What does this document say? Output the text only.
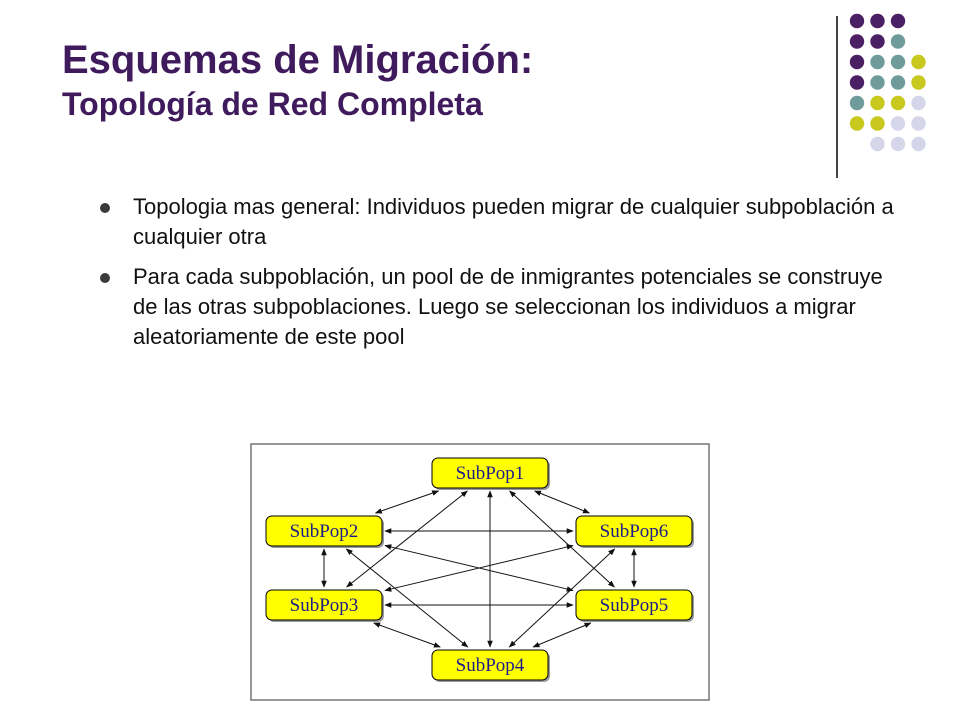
Esquemas de Migración:

Topología de Red Completa

Topologia mas general: Individuos pueden migrar de cualquier subpoblación a cualquier otra
Para cada subpoblación, un pool de de inmigrantes potenciales se construye de las otras subpoblaciones. Luego se seleccionan los individuos a migrar aleatoriamente de este pool
SubPop1
SubPop2
SubPop3
SubPop4
SubPop5
SubPop6
